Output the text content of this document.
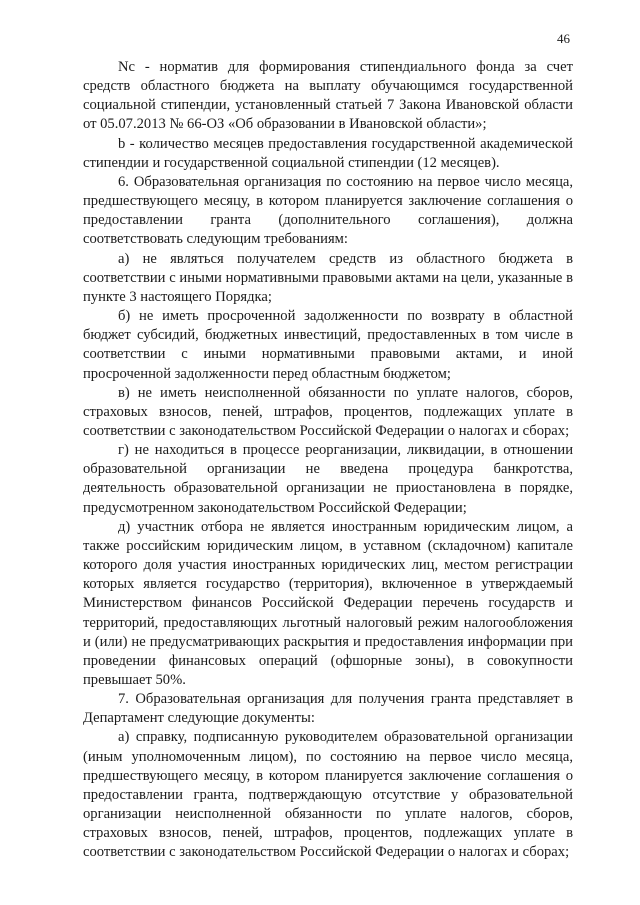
46

Nc - норматив для формирования стипендиального фонда за счет средств областного бюджета на выплату обучающимся государственной социальной стипендии, установленный статьей 7 Закона Ивановской области от 05.07.2013 № 66-ОЗ «Об образовании в Ивановской области»;

b - количество месяцев предоставления государственной академической стипендии и государственной социальной стипендии (12 месяцев).

6. Образовательная организация по состоянию на первое число месяца, предшествующего месяцу, в котором планируется заключение соглашения о предоставлении гранта (дополнительного соглашения), должна соответствовать следующим требованиям:

а) не являться получателем средств из областного бюджета в соответствии с иными нормативными правовыми актами на цели, указанные в пункте 3 настоящего Порядка;

б) не иметь просроченной задолженности по возврату в областной бюджет субсидий, бюджетных инвестиций, предоставленных в том числе в соответствии с иными нормативными правовыми актами, и иной просроченной задолженности перед областным бюджетом;

в) не иметь неисполненной обязанности по уплате налогов, сборов, страховых взносов, пеней, штрафов, процентов, подлежащих уплате в соответствии с законодательством Российской Федерации о налогах и сборах;

г) не находиться в процессе реорганизации, ликвидации, в отношении образовательной организации не введена процедура банкротства, деятельность образовательной организации не приостановлена в порядке, предусмотренном законодательством Российской Федерации;

д) участник отбора не является иностранным юридическим лицом, а также российским юридическим лицом, в уставном (складочном) капитале которого доля участия иностранных юридических лиц, местом регистрации которых является государство (территория), включенное в утверждаемый Министерством финансов Российской Федерации перечень государств и территорий, предоставляющих льготный налоговый режим налогообложения и (или) не предусматривающих раскрытия и предоставления информации при проведении финансовых операций (офшорные зоны), в совокупности превышает 50%.

7. Образовательная организация для получения гранта представляет в Департамент следующие документы:

а) справку, подписанную руководителем образовательной организации (иным уполномоченным лицом), по состоянию на первое число месяца, предшествующего месяцу, в котором планируется заключение соглашения о предоставлении гранта, подтверждающую отсутствие у образовательной организации неисполненной обязанности по уплате налогов, сборов, страховых взносов, пеней, штрафов, процентов, подлежащих уплате в соответствии с законодательством Российской Федерации о налогах и сборах;
